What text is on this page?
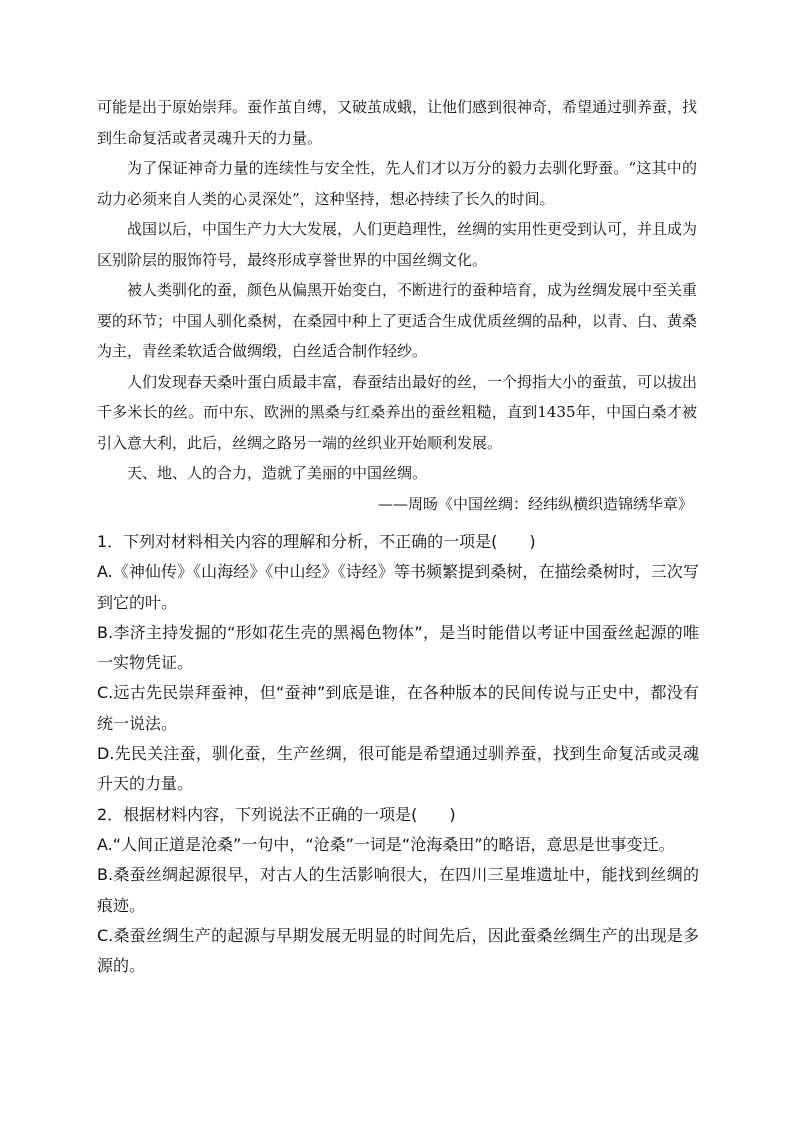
可能是出于原始崇拜。蚕作茧自缚，又破茧成蛾，让他们感到很神奇，希望通过驯养蚕，找到生命复活或者灵魂升天的力量。

为了保证神奇力量的连续性与安全性，先人们才以万分的毅力去驯化野蚕。“这其中的动力必须来自人类的心灵深处”，这种坚持，想必持续了长久的时间。

战国以后，中国生产力大大发展，人们更趋理性，丝绸的实用性更受到认可，并且成为区别阶层的服饰符号，最终形成享誉世界的中国丝绸文化。

被人类驯化的蚕，颜色从偏黑开始变白，不断进行的蚕种培育，成为丝绸发展中至关重要的环节；中国人驯化桑树，在桑园中种上了更适合生成优质丝绸的品种，以青、白、黄桑为主，青丝柔软适合做绸缎，白丝适合制作轻纱。

人们发现春天桑叶蛋白质最丰富，春蚕结出最好的丝，一个拇指大小的蚕茧，可以拔出千多米长的丝。而中东、欧洲的黑桑与红桑养出的蚕丝粗糙，直到1435年，中国白桑才被引入意大利，此后，丝绸之路另一端的丝织业开始顺利发展。

天、地、人的合力，造就了美丽的中国丝绸。

——周旸《中国丝绸：经纬纵横织造锦绣华章》

1．下列对材料相关内容的理解和分析，不正确的一项是(　　)

A.《神仙传》《山海经》《中山经》《诗经》等书频繁提到桑树，在描绘桑树时，三次写到它的叶。

B.李济主持发掘的“形如花生壳的黑褐色物体”，是当时能借以考证中国蚕丝起源的唯一实物凭证。

C.远古先民崇拜蚕神，但“蚕神”到底是谁，在各种版本的民间传说与正史中，都没有统一说法。

D.先民关注蚕，驯化蚕，生产丝绸，很可能是希望通过驯养蚕，找到生命复活或灵魂升天的力量。

2．根据材料内容，下列说法不正确的一项是(　　)

A.“人间正道是沧桑”一句中，“沧桑”一词是“沧海桑田”的略语，意思是世事变迁。

B.桑蚕丝绸起源很早，对古人的生活影响很大，在四川三星堆遗址中，能找到丝绸的痕迹。

C.桑蚕丝绸生产的起源与早期发展无明显的时间先后，因此蚕桑丝绸生产的出现是多源的。
